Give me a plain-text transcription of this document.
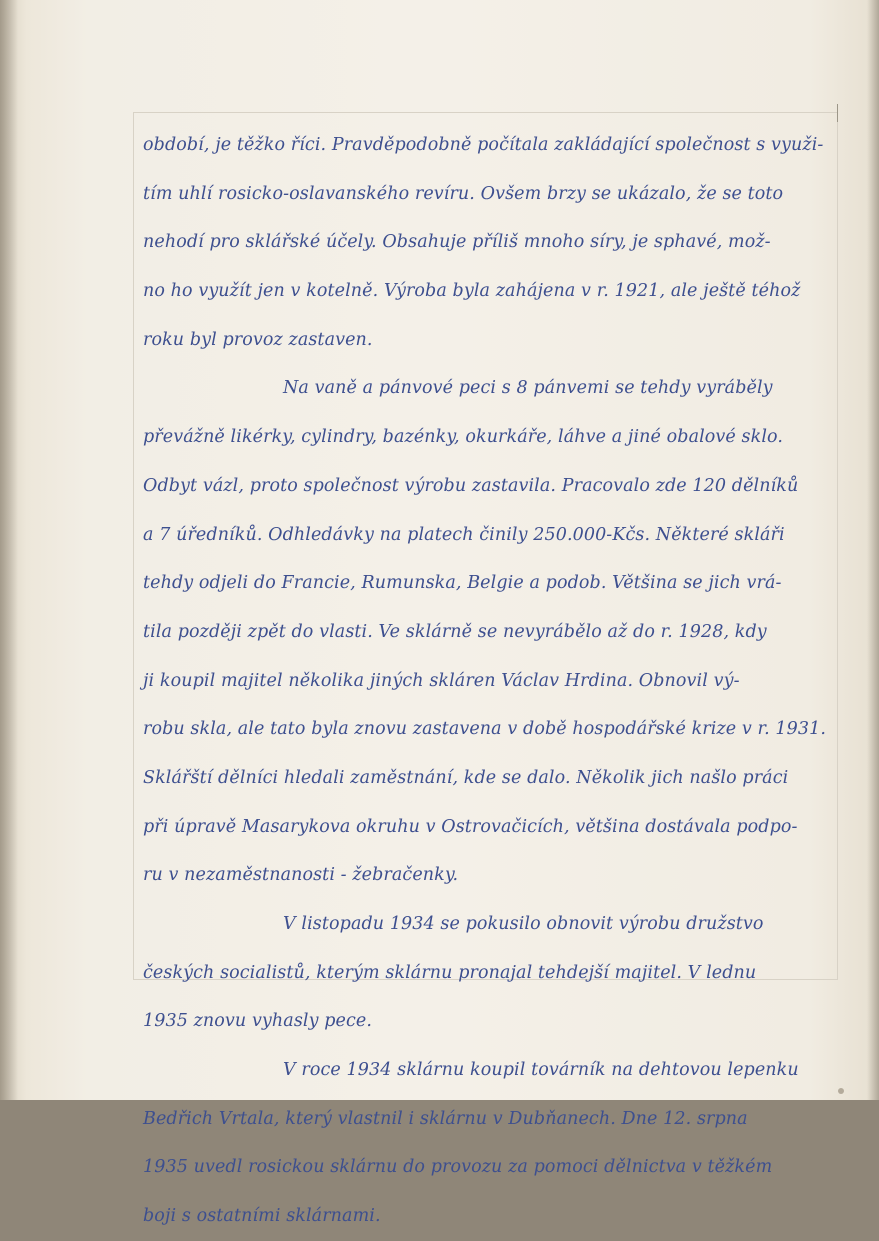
období, je těžko říci. Pravděpodobně počítala zakládající společnost s využi-
tím uhlí rosicko-oslavanského revíru. Ovšem brzy se ukázalo, že se toto
nehodí pro sklářské účely. Obsahuje příliš mnoho síry, je sphavé, mož-
no ho využít jen v kotelně. Výroba byla zahájena v r. 1921, ale ještě téhož
roku byl provoz zastaven.
Na vaně a pánvové peci s 8 pánvemi se tehdy vyráběly
převážně likérky, cylindry, bazénky, okurkáře, láhve a jiné obalové sklo.
Odbyt vázl, proto společnost výrobu zastavila. Pracovalo zde 120 dělníků
a 7 úředníků. Odhledávky na platech činily 250.000-Kčs. Některé skláři
tehdy odjeli do Francie, Rumunska, Belgie a podob. Většina se jich vrá-
tila později zpět do vlasti. Ve sklárně se nevyrábělo až do r. 1928, kdy
ji koupil majitel několika jiných skláren Václav Hrdina. Obnovil vý-
robu skla, ale tato byla znovu zastavena v době hospodářské krize v r. 1931.
Sklářští dělníci hledali zaměstnání, kde se dalo. Několik jich našlo práci
při úpravě Masarykova okruhu v Ostrovačicích, většina dostávala podpo-
ru v nezaměstnanosti - žebračenky.
V listopadu 1934 se pokusilo obnovit výrobu družstvo
českých socialistů, kterým sklárnu pronajal tehdejší majitel. V lednu
1935 znovu vyhasly pece.
V roce 1934 sklárnu koupil továrník na dehtovou lepenku
Bedřich Vrtala, který vlastnil i sklárnu v Dubňanech. Dne 12. srpna
1935 uvedl rosickou sklárnu do provozu za pomoci dělnictva v těžkém
boji s ostatními sklárnami.
